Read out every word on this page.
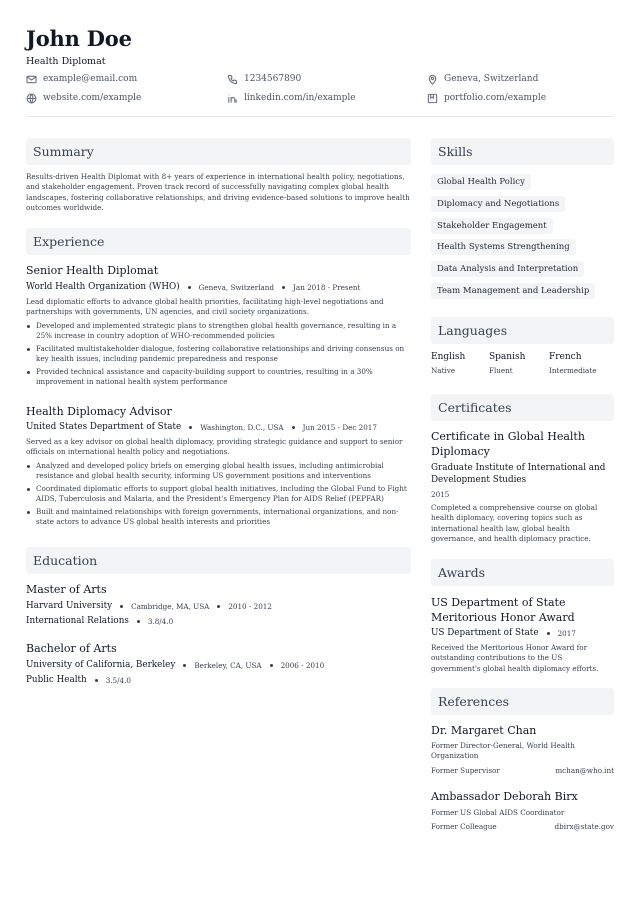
John Doe
Health Diplomat
example@email.com	1234567890	Geneva, Switzerland
website.com/example	linkedin.com/in/example	portfolio.com/example
Summary
Results-driven Health Diplomat with 8+ years of experience in international health policy, negotiations, and stakeholder engagement. Proven track record of successfully navigating complex global health landscapes, fostering collaborative relationships, and driving evidence-based solutions to improve health outcomes worldwide.
Experience
Senior Health Diplomat
World Health Organization (WHO)	Geneva, Switzerland	Jan 2018 - Present
Lead diplomatic efforts to advance global health priorities, facilitating high-level negotiations and partnerships with governments, UN agencies, and civil society organizations.
Developed and implemented strategic plans to strengthen global health governance, resulting in a 25% increase in country adoption of WHO-recommended policies
Facilitated multistakeholder dialogue, fostering collaborative relationships and driving consensus on key health issues, including pandemic preparedness and response
Provided technical assistance and capacity-building support to countries, resulting in a 30% improvement in national health system performance
Health Diplomacy Advisor
United States Department of State	Washington, D.C., USA	Jun 2015 - Dec 2017
Served as a key advisor on global health diplomacy, providing strategic guidance and support to senior officials on international health policy and negotiations.
Analyzed and developed policy briefs on emerging global health issues, including antimicrobial resistance and global health security, informing US government positions and interventions
Coordinated diplomatic efforts to support global health initiatives, including the Global Fund to Fight AIDS, Tuberculosis and Malaria, and the President's Emergency Plan for AIDS Relief (PEPFAR)
Built and maintained relationships with foreign governments, international organizations, and non-state actors to advance US global health interests and priorities
Education
Master of Arts
Harvard University	Cambridge, MA, USA	2010 - 2012
International Relations	3.8/4.0
Bachelor of Arts
University of California, Berkeley	Berkeley, CA, USA	2006 - 2010
Public Health	3.5/4.0
Skills
Global Health Policy
Diplomacy and Negotiations
Stakeholder Engagement
Health Systems Strengthening
Data Analysis and Interpretation
Team Management and Leadership
Languages
English
Native
Spanish
Fluent
French
Intermediate
Certificates
Certificate in Global Health Diplomacy
Graduate Institute of International and Development Studies
2015
Completed a comprehensive course on global health diplomacy, covering topics such as international health law, global health governance, and health diplomacy practice.
Awards
US Department of State Meritorious Honor Award
US Department of State	2017
Received the Meritorious Honor Award for outstanding contributions to the US government's global health diplomacy efforts.
References
Dr. Margaret Chan
Former Director-General, World Health Organization
Former Supervisor	mchan@who.int
Ambassador Deborah Birx
Former US Global AIDS Coordinator
Former Colleague	dbirx@state.gov
